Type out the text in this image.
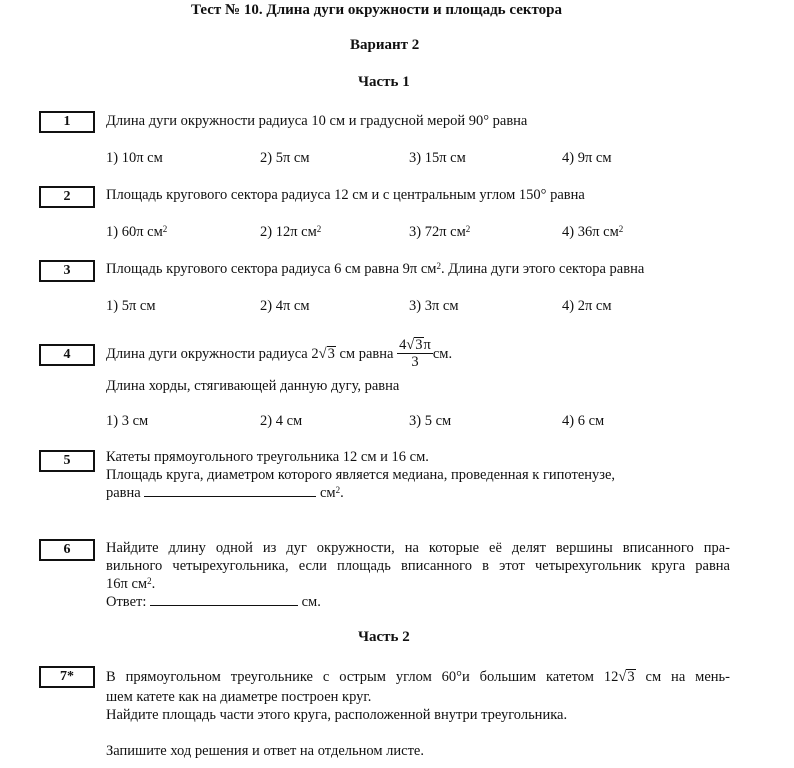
Тест № 10. Длина дуги окружности и площадь сектора
Вариант 2
Часть 1
1	Длина дуги окружности радиуса 10 см и градусной мерой 90° равна
1) 10π см	2) 5π см	3) 15π см	4) 9π см
2	Площадь кругового сектора радиуса 12 см и с центральным углом 150° равна
1) 60π $см^2$	2) 12π $см^2$	3) 72π $см^2$	4) 36π $см^2$
3	Площадь кругового сектора радиуса 6 см равна 9π $см^2$. Длина дуги этого сектора равна
1) 5π см	2) 4π см	3) 3π см	4) 2π см
4	Длина дуги окружности радиуса 2√3 см равна $\frac{4√3\pi}{3}$ см.
Длина хорды, стягивающей данную дугу, равна
1) 3 см	2) 4 см	3) 5 см	4) 6 см
5	Катеты прямоугольного треугольника 12 см и 16 см.
Площадь круга, диаметром которого является медиана, проведенная к гипотенузе,
равна	$см^2$.
6	Найдите длину одной из дуг окружности, на которые её делят вершины вписанного пра-
вильного четырехугольника, если площадь вписанного в этот четырехугольник круга равна
16π $см^2$.
Ответ:	см.
Часть 2
7*	В прямоугольном треугольнике с острым углом 60°и большим катетом 12√3 см на мень-
шем катете как на диаметре построен круг.
Найдите площадь части этого круга, расположенной внутри треугольника.
Запишите ход решения и ответ на отдельном листе.
